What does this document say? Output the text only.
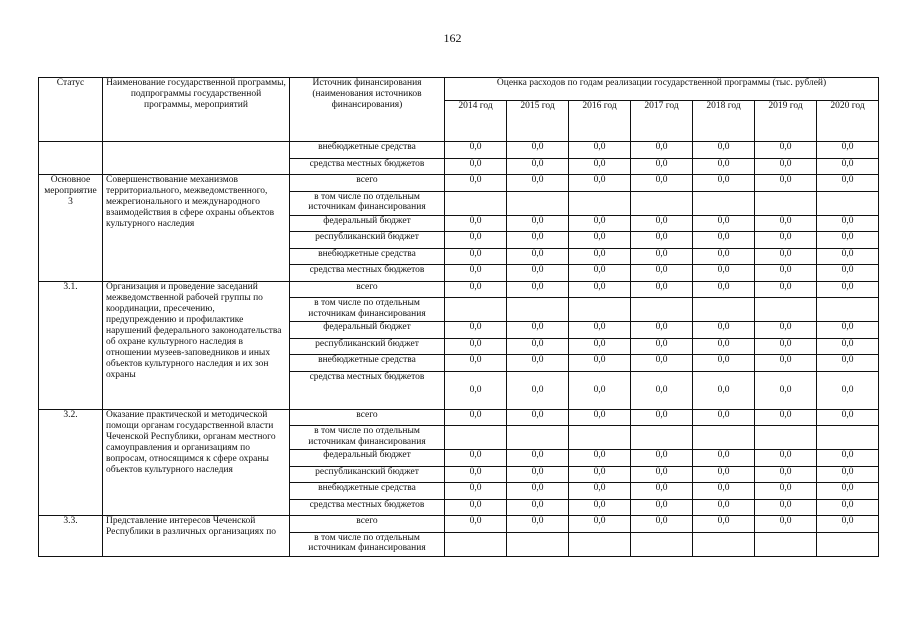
162
Статус	Наименование государственной программы, подпрограммы государственной программы, мероприятий	Источник финансирования (наименования источников финансирования)	Оценка расходов по годам реализации государственной программы (тыс. рублей)						
			2014 год	2015 год	2016 год	2017 год	2018 год	2019 год	2020 год
		внебюджетные средства	0,0	0,0	0,0	0,0	0,0	0,0	0,0
		средства местных бюджетов	0,0	0,0	0,0	0,0	0,0	0,0	0,0
Основное мероприятие 3	Совершенствование механизмов территориального, межведомственного, межрегионального и международного взаимодействия в сфере охраны объектов культурного наследия	всего	0,0	0,0	0,0	0,0	0,0	0,0	0,0
		в том числе по отдельным источникам финансирования							
		федеральный бюджет	0,0	0,0	0,0	0,0	0,0	0,0	0,0
		республиканский бюджет	0,0	0,0	0,0	0,0	0,0	0,0	0,0
		внебюджетные средства	0,0	0,0	0,0	0,0	0,0	0,0	0,0
		средства местных бюджетов	0,0	0,0	0,0	0,0	0,0	0,0	0,0
3.1.	Организация и проведение заседаний межведомственной рабочей группы по координации, пресечению, предупреждению и профилактике нарушений федерального законодательства об охране культурного наследия в отношении музеев-заповедников и иных объектов культурного наследия и их зон охраны	всего	0,0	0,0	0,0	0,0	0,0	0,0	0,0
		в том числе по отдельным источникам финансирования							
		федеральный бюджет	0,0	0,0	0,0	0,0	0,0	0,0	0,0
		республиканский бюджет	0,0	0,0	0,0	0,0	0,0	0,0	0,0
		внебюджетные средства	0,0	0,0	0,0	0,0	0,0	0,0	0,0
		средства местных бюджетов	0,0	0,0	0,0	0,0	0,0	0,0	0,0
3.2.	Оказание практической и методической помощи органам государственной власти Чеченской Республики, органам местного самоуправления и организациям по вопросам, относящимся к сфере охраны объектов культурного наследия	всего	0,0	0,0	0,0	0,0	0,0	0,0	0,0
		в том числе по отдельным источникам финансирования							
		федеральный бюджет	0,0	0,0	0,0	0,0	0,0	0,0	0,0
		республиканский бюджет	0,0	0,0	0,0	0,0	0,0	0,0	0,0
		внебюджетные средства	0,0	0,0	0,0	0,0	0,0	0,0	0,0
		средства местных бюджетов	0,0	0,0	0,0	0,0	0,0	0,0	0,0
3.3.	Представление интересов Чеченской Республики в различных организациях по	всего	0,0	0,0	0,0	0,0	0,0	0,0	0,0
		в том числе по отдельным источникам финансирования							
